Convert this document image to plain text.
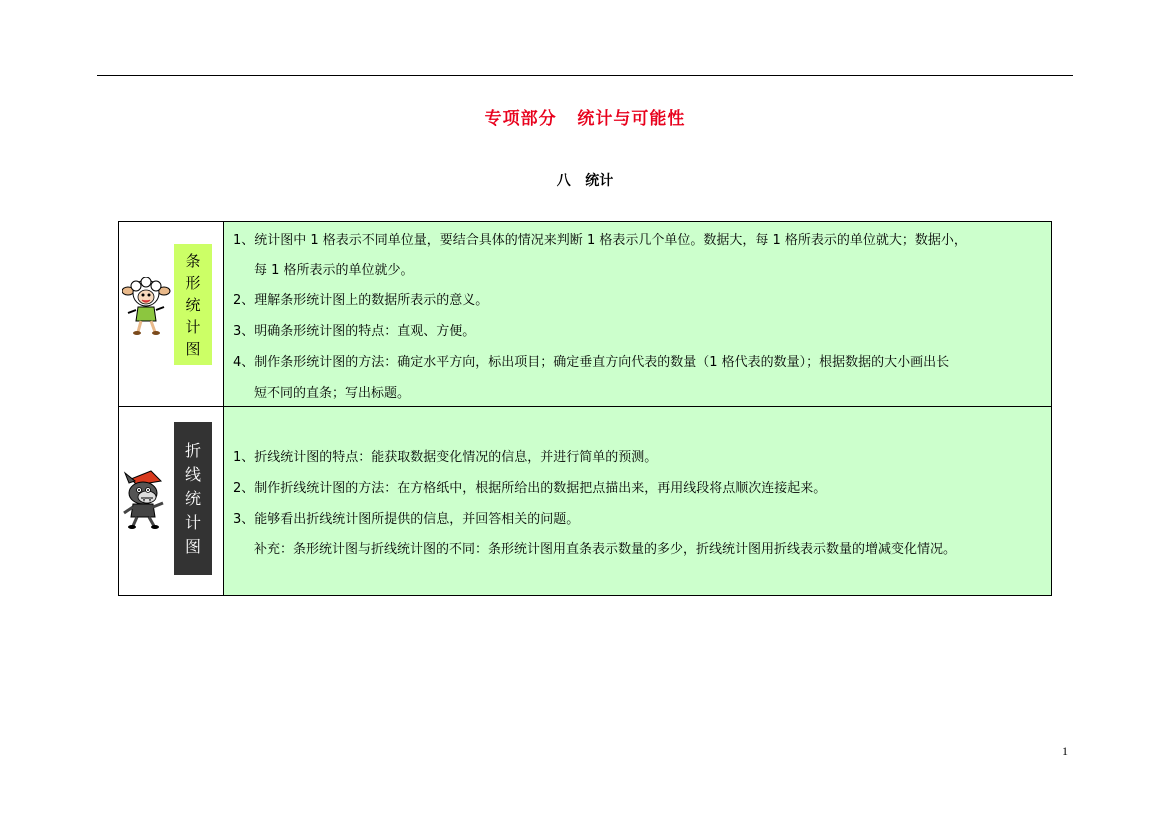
专项部分   统计与可能性
八   统计
条
形
统
计
图
1、统计图中 1 格表示不同单位量，要结合具体的情况来判断 1 格表示几个单位。数据大，每 1 格所表示的单位就大；数据小，
每 1 格所表示的单位就少。
2、理解条形统计图上的数据所表示的意义。
3、明确条形统计图的特点：直观、方便。
4、制作条形统计图的方法：确定水平方向，标出项目；确定垂直方向代表的数量（1 格代表的数量）；根据数据的大小画出长
短不同的直条；写出标题。
折
线
统
计
图
1、折线统计图的特点：能获取数据变化情况的信息，并进行简单的预测。
2、制作折线统计图的方法：在方格纸中，根据所给出的数据把点描出来，再用线段将点顺次连接起来。
3、能够看出折线统计图所提供的信息，并回答相关的问题。
补充：条形统计图与折线统计图的不同：条形统计图用直条表示数量的多少，折线统计图用折线表示数量的增减变化情况。
1
